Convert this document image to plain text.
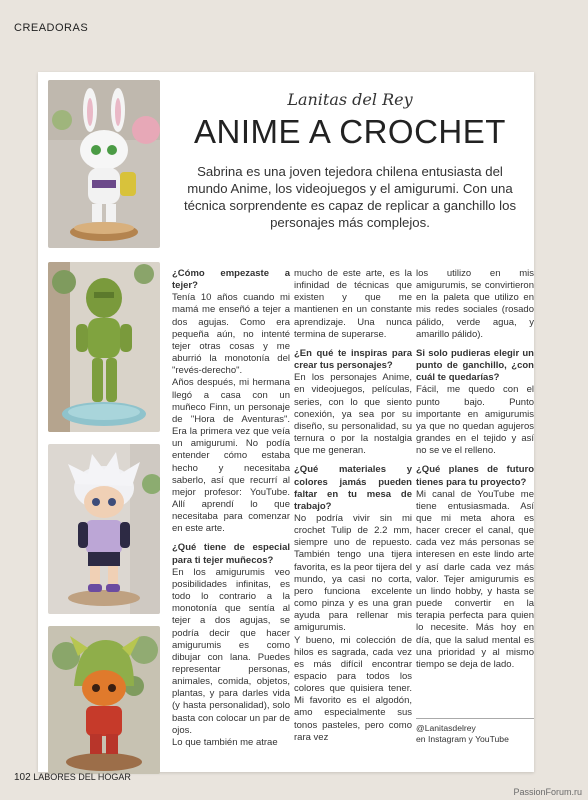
CREADORAS
Lanitas del Rey
ANIME A CROCHET
Sabrina es una joven tejedora chilena entusiasta del mundo Anime, los videojuegos y el amigurumi. Con una técnica sorprendente es capaz de replicar a ganchillo los personajes más complejos.

¿Cómo empezaste a tejer?

Tenía 10 años cuando mi mamá me enseñó a tejer a dos agujas. Como era pequeña aún, no intenté tejer otras cosas y me aburrió la monotonía del "revés-derecho".

Años después, mi hermana llegó a casa con un muñeco Finn, un personaje de "Hora de Aventuras". Era la primera vez que veía un amigurumi. No podía entender cómo estaba hecho y necesitaba saberlo, así que recurrí al mejor profesor: YouTube. Allí aprendí lo que necesitaba para comenzar en este arte.

¿Qué tiene de especial para ti tejer muñecos?

En los amigurumis veo posibilidades infinitas, es todo lo contrario a la monotonía que sentía al tejer a dos agujas, se podría decir que hacer amigurumis es como dibujar con lana. Puedes representar personas, animales, comida, objetos, plantas, y para darles vida (y hasta personalidad), solo basta con colocar un par de ojos.

Lo que también me atrae

mucho de este arte, es la infinidad de técnicas que existen y que me mantienen en un constante aprendizaje. Una nunca termina de superarse.

¿En qué te inspiras para crear tus personajes?

En los personajes Anime, en videojuegos, películas, series, con lo que siento conexión, ya sea por su diseño, su personalidad, su ternura o por la nostalgia que me generan.

¿Qué materiales y colores jamás pueden faltar en tu mesa de trabajo?

No podría vivir sin mi crochet Tulip de 2.2 mm, siempre uno de repuesto. También tengo una tijera favorita, es la peor tijera del mundo, ya casi no corta, pero funciona excelente como pinza y es una gran ayuda para rellenar mis amigurumis.

Y bueno, mi colección de hilos es sagrada, cada vez es más difícil encontrar espacio para todos los colores que quisiera tener. Mi favorito es el algodón, amo especialmente sus tonos pasteles, pero como rara vez

los utilizo en mis amigurumis, se convirtieron en la paleta que utilizo en mis redes sociales (rosado pálido, verde agua, y amarillo pálido).

Si solo pudieras elegir un punto de ganchillo, ¿con cuál te quedarías?

Fácil, me quedo con el punto bajo. Punto importante en amigurumis ya que no quedan agujeros grandes en el tejido y así no se ve el relleno.

¿Qué planes de futuro tienes para tu proyecto?

Mi canal de YouTube me tiene entusiasmada. Así que mi meta ahora es hacer crecer el canal, que cada vez más personas se interesen en este lindo arte y así darle cada vez más valor. Tejer amigurumis es un lindo hobby, y hasta se puede convertir en la terapia perfecta para quien lo necesite. Más hoy en día, que la salud mental es una prioridad y al mismo tiempo se deja de lado.

@Lanitasdelrey
en Instagram y YouTube
102 LABORES DEL HOGAR
PassionForum.ru
